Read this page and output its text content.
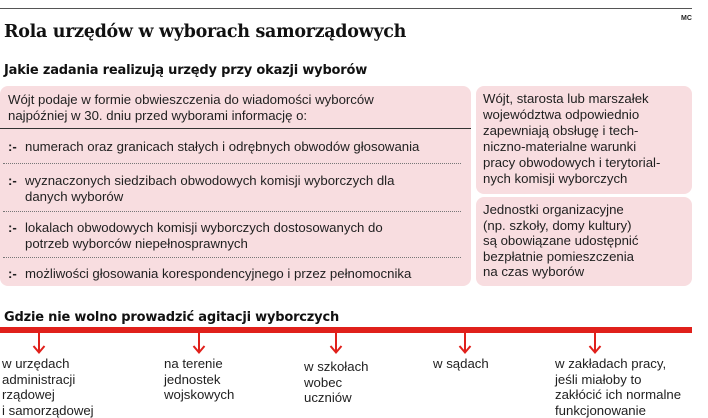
MC
Rola urzędów w wyborach samorządowych
Jakie zadania realizują urzędy przy okazji wyborów
Wójt podaje w formie obwieszczenia do wiadomości wyborców
najpóźniej w 30. dniu przed wyborami informację o:
:- numerach oraz granicach stałych i odrębnych obwodów głosowania
:- wyznaczonych siedzibach obwodowych komisji wyborczych dla
danych wyborów
:- lokalach obwodowych komisji wyborczych dostosowanych do
potrzeb wyborców niepełnosprawnych
:- możliwości głosowania korespondencyjnego i przez pełnomocnika
Wójt, starosta lub marszałek
województwa odpowiednio
zapewniają obsługę i tech-
niczno-materialne warunki
pracy obwodowych i terytorial-
nych komisji wyborczych
Jednostki organizacyjne
(np. szkoły, domy kultury)
są obowiązane udostępnić
bezpłatnie pomieszczenia
na czas wyborów
Gdzie nie wolno prowadzić agitacji wyborczych
w urzędach
administracji
rządowej
i samorządowej
na terenie
jednostek
wojskowych
w szkołach
wobec
uczniów
w sądach	w zakładach pracy,
jeśli miałoby to
zakłócić ich normalne
funkcjonowanie
